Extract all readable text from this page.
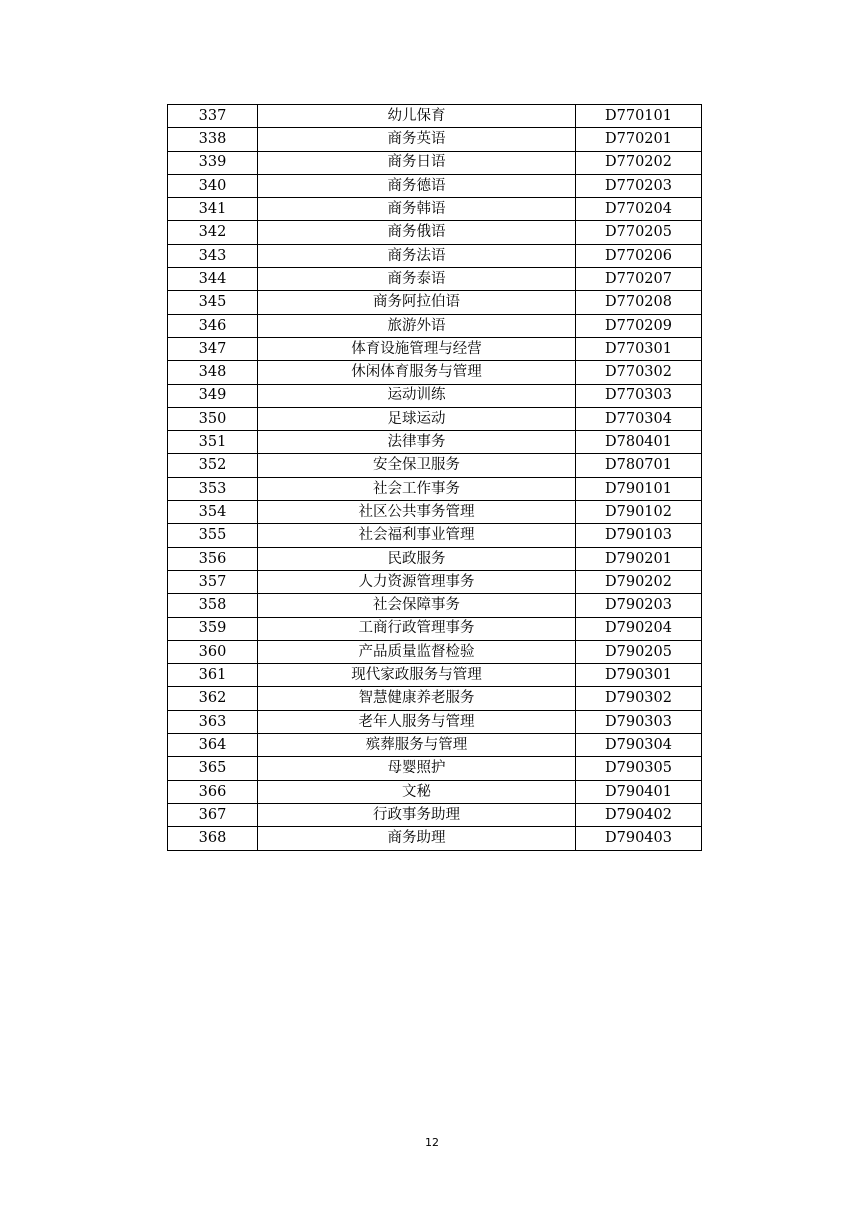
337	幼儿保育	D770101
338	商务英语	D770201
339	商务日语	D770202
340	商务德语	D770203
341	商务韩语	D770204
342	商务俄语	D770205
343	商务法语	D770206
344	商务泰语	D770207
345	商务阿拉伯语	D770208
346	旅游外语	D770209
347	体育设施管理与经营	D770301
348	休闲体育服务与管理	D770302
349	运动训练	D770303
350	足球运动	D770304
351	法律事务	D780401
352	安全保卫服务	D780701
353	社会工作事务	D790101
354	社区公共事务管理	D790102
355	社会福利事业管理	D790103
356	民政服务	D790201
357	人力资源管理事务	D790202
358	社会保障事务	D790203
359	工商行政管理事务	D790204
360	产品质量监督检验	D790205
361	现代家政服务与管理	D790301
362	智慧健康养老服务	D790302
363	老年人服务与管理	D790303
364	殡葬服务与管理	D790304
365	母婴照护	D790305
366	文秘	D790401
367	行政事务助理	D790402
368	商务助理	D790403
12
